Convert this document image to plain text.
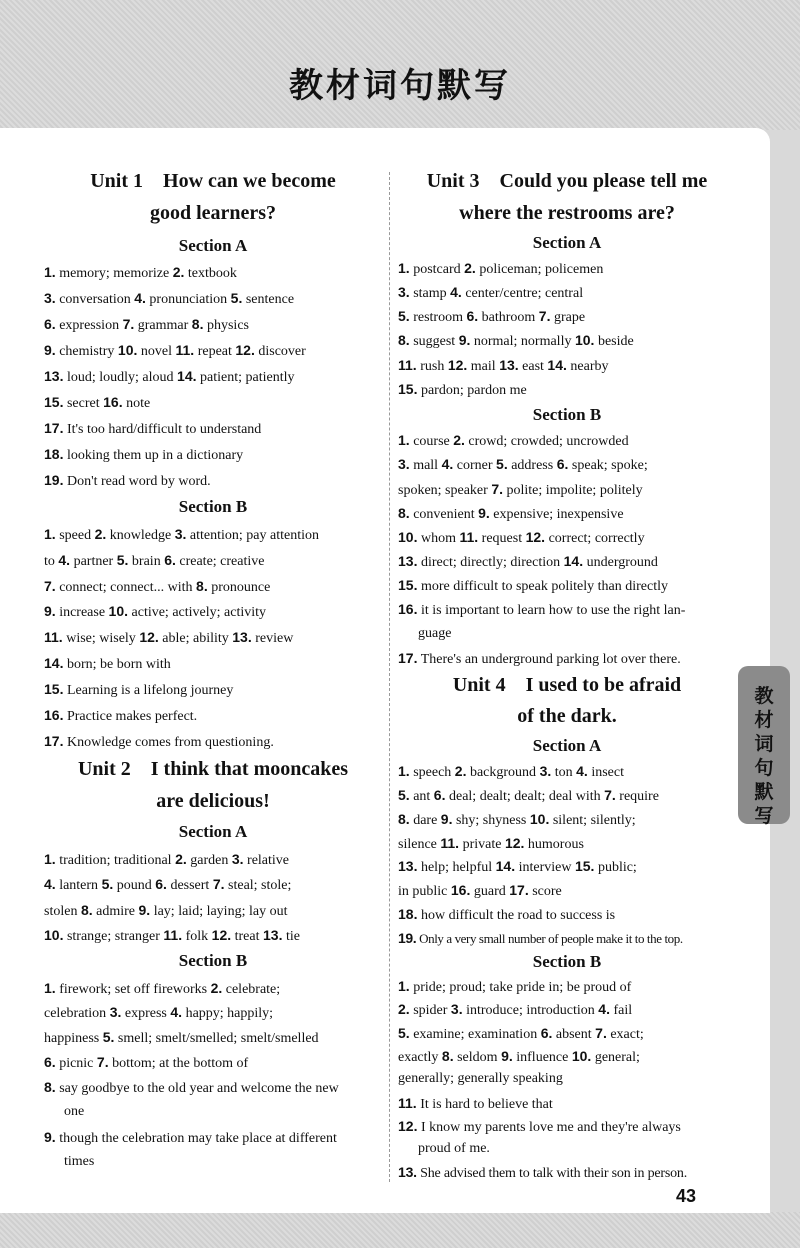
教材词句默写
Unit 1　How can we become
good learners?
Section A
1. memory; memorize 2. textbook
3. conversation 4. pronunciation 5. sentence
6. expression 7. grammar 8. physics
9. chemistry 10. novel 11. repeat 12. discover
13. loud; loudly; aloud 14. patient; patiently
15. secret 16. note
17. It's too hard/difficult to understand
18. looking them up in a dictionary
19. Don't read word by word.
Section B
1. speed 2. knowledge 3. attention; pay attention
to 4. partner 5. brain 6. create; creative
7. connect; connect... with 8. pronounce
9. increase 10. active; actively; activity
11. wise; wisely 12. able; ability 13. review
14. born; be born with
15. Learning is a lifelong journey
16. Practice makes perfect.
17. Knowledge comes from questioning.
Unit 2　I think that mooncakes
are delicious!
Section A
1. tradition; traditional 2. garden 3. relative
4. lantern 5. pound 6. dessert 7. steal; stole;
stolen 8. admire 9. lay; laid; laying; lay out
10. strange; stranger 11. folk 12. treat 13. tie
Section B
1. firework; set off fireworks 2. celebrate;
celebration 3. express 4. happy; happily;
happiness 5. smell; smelt/smelled; smelt/smelled
6. picnic 7. bottom; at the bottom of
8. say goodbye to the old year and welcome the new
one
9. though the celebration may take place at different
times
Unit 3　Could you please tell me
where the restrooms are?
Section A
1. postcard 2. policeman; policemen
3. stamp 4. center/centre; central
5. restroom 6. bathroom 7. grape
8. suggest 9. normal; normally 10. beside
11. rush 12. mail 13. east 14. nearby
15. pardon; pardon me
Section B
1. course 2. crowd; crowded; uncrowded
3. mall 4. corner 5. address 6. speak; spoke;
spoken; speaker 7. polite; impolite; politely
8. convenient 9. expensive; inexpensive
10. whom 11. request 12. correct; correctly
13. direct; directly; direction 14. underground
15. more difficult to speak politely than directly
16. it is important to learn how to use the right lan-
guage
17. There's an underground parking lot over there.
Unit 4　I used to be afraid
of the dark.
Section A
1. speech 2. background 3. ton 4. insect
5. ant 6. deal; dealt; dealt; deal with 7. require
8. dare 9. shy; shyness 10. silent; silently;
silence 11. private 12. humorous
13. help; helpful 14. interview 15. public;
in public 16. guard 17. score
18. how difficult the road to success is
19. Only a very small number of people make it to the top.
Section B
1. pride; proud; take pride in; be proud of
2. spider 3. introduce; introduction 4. fail
5. examine; examination 6. absent 7. exact;
exactly 8. seldom 9. influence 10. general;
generally; generally speaking
11. It is hard to believe that
12. I know my parents love me and they're always
proud of me.
13. She advised them to talk with their son in person.
教材词句默写
43
